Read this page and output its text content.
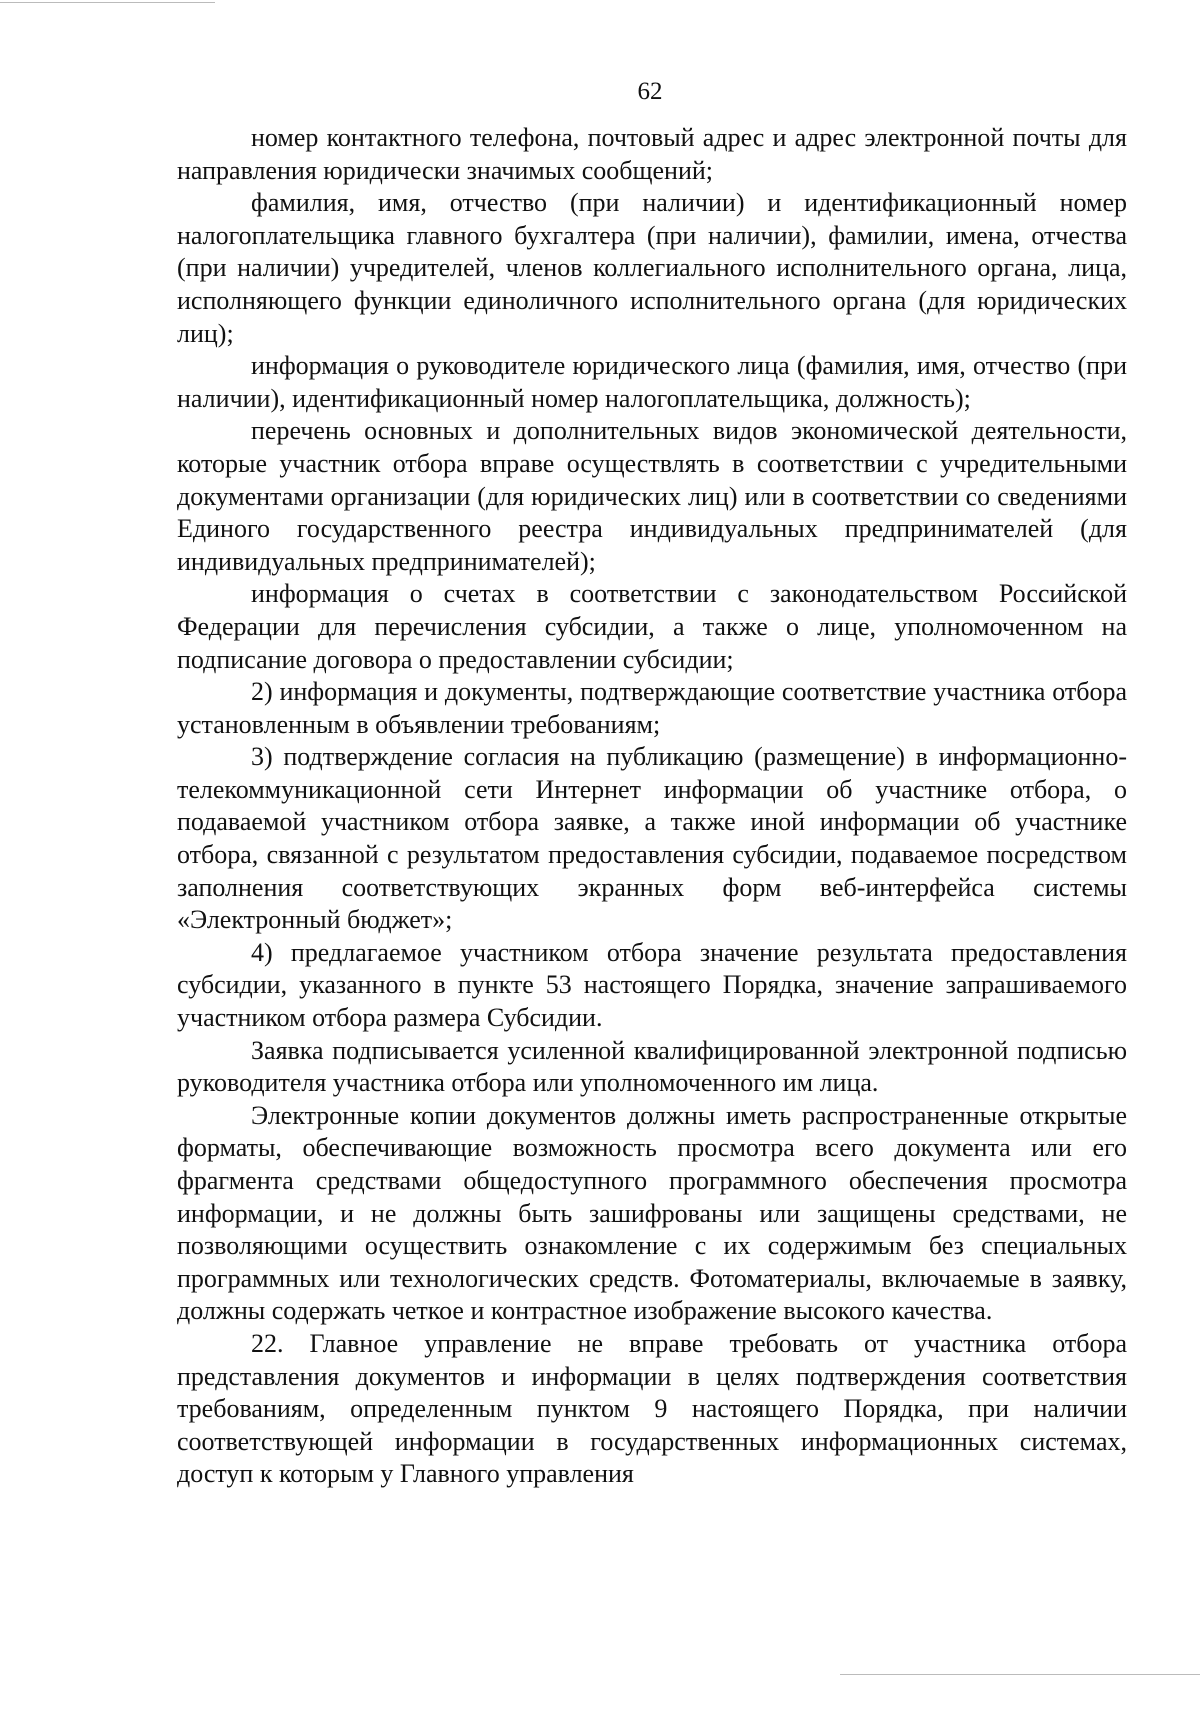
62

номер контактного телефона, почтовый адрес и адрес электронной почты для направления юридически значимых сообщений;

фамилия, имя, отчество (при наличии) и идентификационный номер налогоплательщика главного бухгалтера (при наличии), фамилии, имена, отчества (при наличии) учредителей, членов коллегиального исполнительного органа, лица, исполняющего функции единоличного исполнительного органа (для юридических лиц);

информация о руководителе юридического лица (фамилия, имя, отчество (при наличии), идентификационный номер налогоплательщика, должность);

перечень основных и дополнительных видов экономической деятельности, которые участник отбора вправе осуществлять в соответствии с учредительными документами организации (для юридических лиц) или в соответствии со сведениями Единого государственного реестра индивидуальных предпринимателей (для индивидуальных предпринимателей);

информация о счетах в соответствии с законодательством Российской Федерации для перечисления субсидии, а также о лице, уполномоченном на подписание договора о предоставлении субсидии;

2) информация и документы, подтверждающие соответствие участника отбора установленным в объявлении требованиям;

3) подтверждение согласия на публикацию (размещение) в информационно-телекоммуникационной сети Интернет информации об участнике отбора, о подаваемой участником отбора заявке, а также иной информации об участнике отбора, связанной с результатом предоставления субсидии, подаваемое посредством заполнения соответствующих экранных форм веб-интерфейса системы «Электронный бюджет»;

4) предлагаемое участником отбора значение результата предоставления субсидии, указанного в пункте 53 настоящего Порядка, значение запрашиваемого участником отбора размера Субсидии.

Заявка подписывается усиленной квалифицированной электронной подписью руководителя участника отбора или уполномоченного им лица.

Электронные копии документов должны иметь распространенные открытые форматы, обеспечивающие возможность просмотра всего документа или его фрагмента средствами общедоступного программного обеспечения просмотра информации, и не должны быть зашифрованы или защищены средствами, не позволяющими осуществить ознакомление с их содержимым без специальных программных или технологических средств. Фотоматериалы, включаемые в заявку, должны содержать четкое и контрастное изображение высокого качества.

22. Главное управление не вправе требовать от участника отбора представления документов и информации в целях подтверждения соответствия требованиям, определенным пунктом 9 настоящего Порядка, при наличии соответствующей информации в государственных информационных системах, доступ к которым у Главного управления
